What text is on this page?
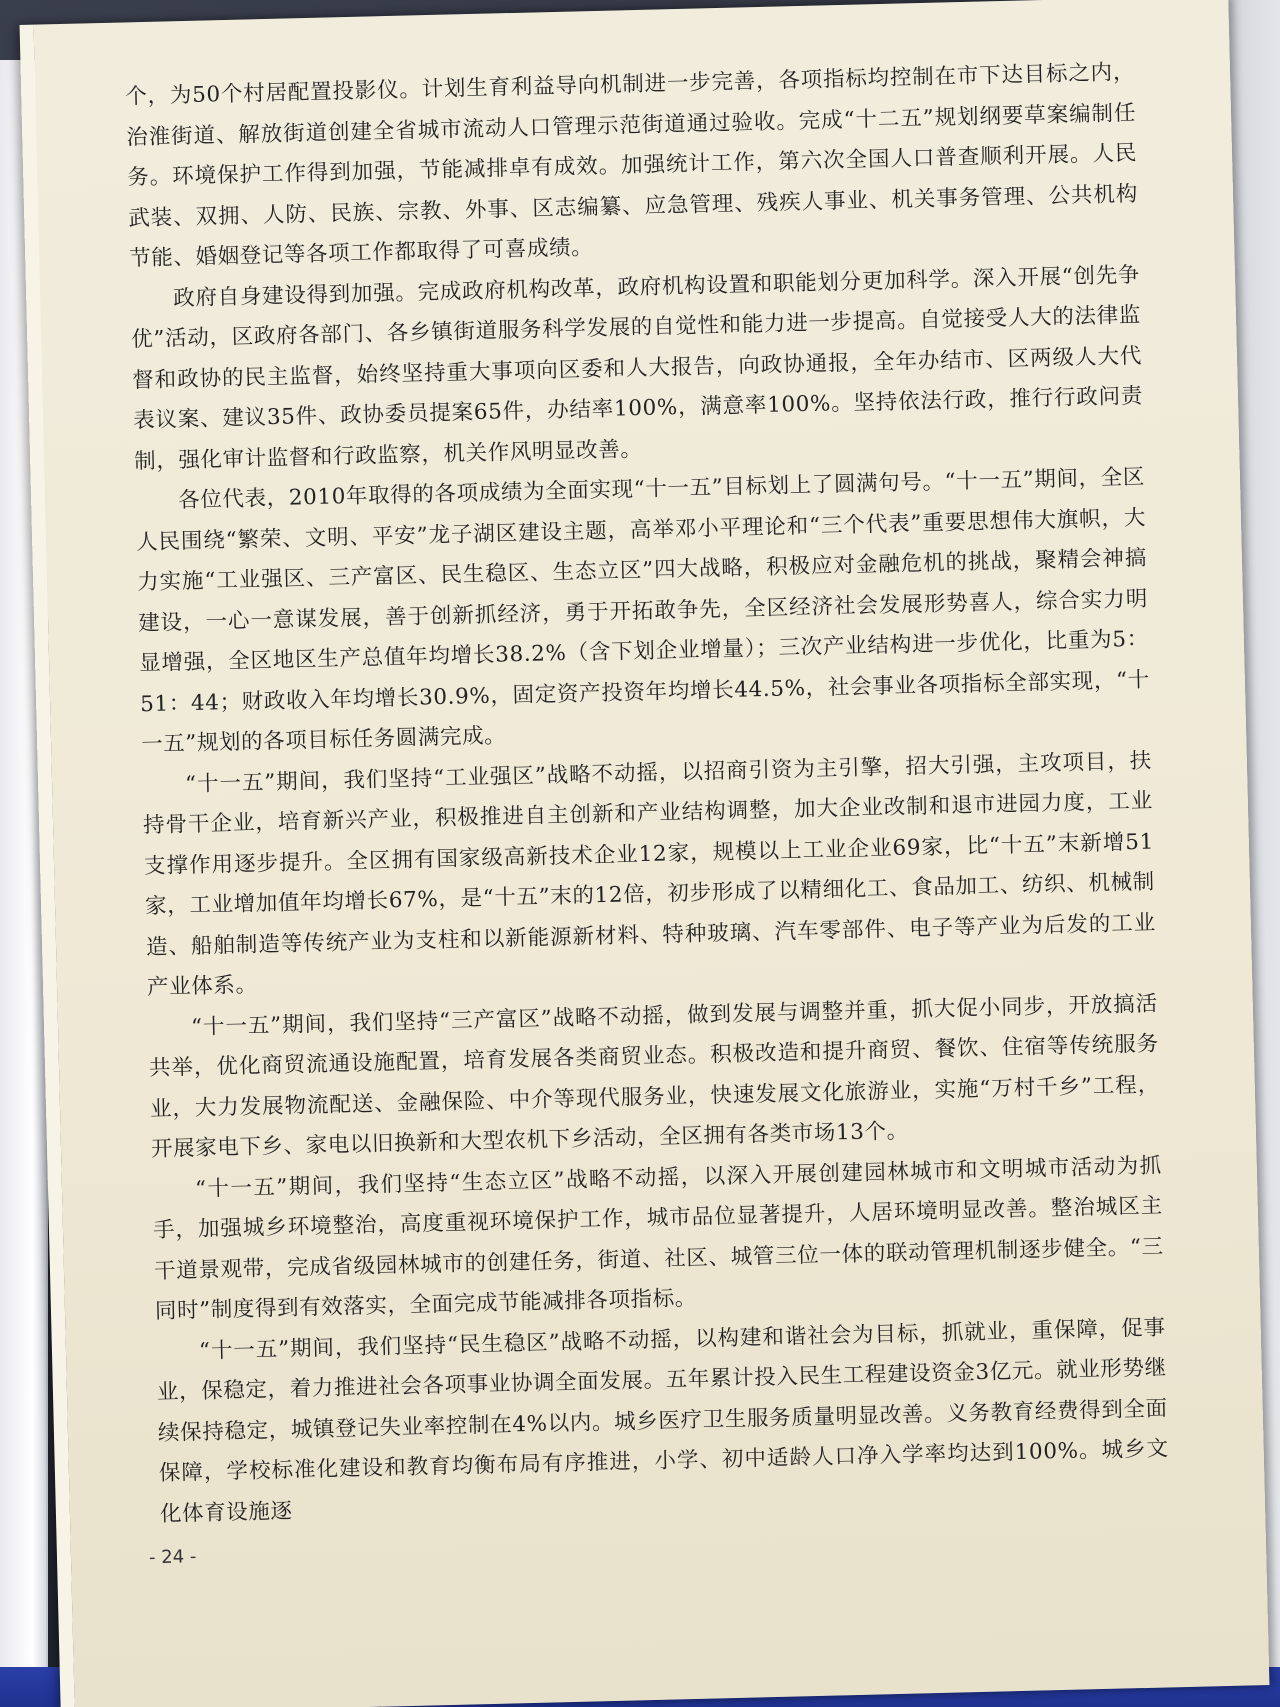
个，为50个村居配置投影仪。计划生育利益导向机制进一步完善，各项指标均控制在市下达目标之内，治淮街道、解放街道创建全省城市流动人口管理示范街道通过验收。完成“十二五”规划纲要草案编制任务。环境保护工作得到加强，节能减排卓有成效。加强统计工作，第六次全国人口普查顺利开展。人民武装、双拥、人防、民族、宗教、外事、区志编纂、应急管理、残疾人事业、机关事务管理、公共机构节能、婚姻登记等各项工作都取得了可喜成绩。

政府自身建设得到加强。完成政府机构改革，政府机构设置和职能划分更加科学。深入开展“创先争优”活动，区政府各部门、各乡镇街道服务科学发展的自觉性和能力进一步提高。自觉接受人大的法律监督和政协的民主监督，始终坚持重大事项向区委和人大报告，向政协通报，全年办结市、区两级人大代表议案、建议35件、政协委员提案65件，办结率100%，满意率100%。坚持依法行政，推行行政问责制，强化审计监督和行政监察，机关作风明显改善。

各位代表，2010年取得的各项成绩为全面实现“十一五”目标划上了圆满句号。“十一五”期间，全区人民围绕“繁荣、文明、平安”龙子湖区建设主题，高举邓小平理论和“三个代表”重要思想伟大旗帜，大力实施“工业强区、三产富区、民生稳区、生态立区”四大战略，积极应对金融危机的挑战，聚精会神搞建设，一心一意谋发展，善于创新抓经济，勇于开拓敢争先，全区经济社会发展形势喜人，综合实力明显增强，全区地区生产总值年均增长38.2%（含下划企业增量）；三次产业结构进一步优化，比重为5：51：44；财政收入年均增长30.9%，固定资产投资年均增长44.5%，社会事业各项指标全部实现，“十一五”规划的各项目标任务圆满完成。

“十一五”期间，我们坚持“工业强区”战略不动摇，以招商引资为主引擎，招大引强，主攻项目，扶持骨干企业，培育新兴产业，积极推进自主创新和产业结构调整，加大企业改制和退市进园力度，工业支撑作用逐步提升。全区拥有国家级高新技术企业12家，规模以上工业企业69家，比“十五”末新增51家，工业增加值年均增长67%，是“十五”末的12倍，初步形成了以精细化工、食品加工、纺织、机械制造、船舶制造等传统产业为支柱和以新能源新材料、特种玻璃、汽车零部件、电子等产业为后发的工业产业体系。

“十一五”期间，我们坚持“三产富区”战略不动摇，做到发展与调整并重，抓大促小同步，开放搞活共举，优化商贸流通设施配置，培育发展各类商贸业态。积极改造和提升商贸、餐饮、住宿等传统服务业，大力发展物流配送、金融保险、中介等现代服务业，快速发展文化旅游业，实施“万村千乡”工程，开展家电下乡、家电以旧换新和大型农机下乡活动，全区拥有各类市场13个。

“十一五”期间，我们坚持“生态立区”战略不动摇，以深入开展创建园林城市和文明城市活动为抓手，加强城乡环境整治，高度重视环境保护工作，城市品位显著提升，人居环境明显改善。整治城区主干道景观带，完成省级园林城市的创建任务，街道、社区、城管三位一体的联动管理机制逐步健全。“三同时”制度得到有效落实，全面完成节能减排各项指标。

“十一五”期间，我们坚持“民生稳区”战略不动摇，以构建和谐社会为目标，抓就业，重保障，促事业，保稳定，着力推进社会各项事业协调全面发展。五年累计投入民生工程建设资金3亿元。就业形势继续保持稳定，城镇登记失业率控制在4%以内。城乡医疗卫生服务质量明显改善。义务教育经费得到全面保障，学校标准化建设和教育均衡布局有序推进，小学、初中适龄人口净入学率均达到100%。城乡文化体育设施逐

- 24 -
